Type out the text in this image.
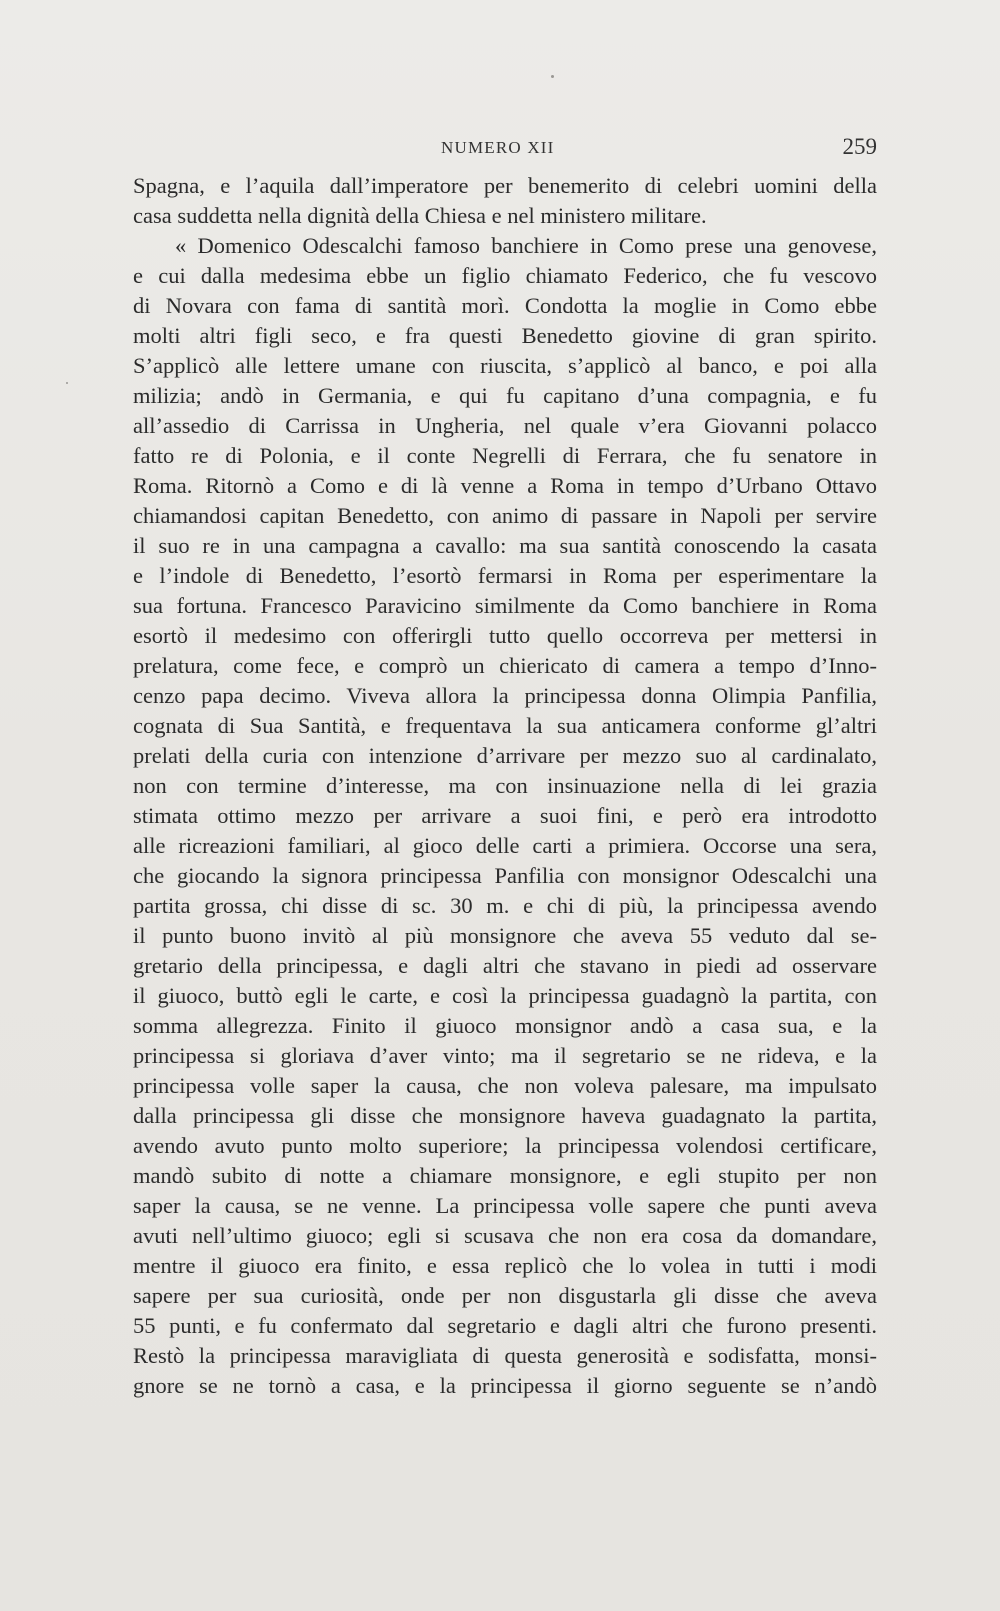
NUMERO XII	259
Spagna, e l’aquila dall’imperatore per benemerito di celebri uomini della
casa suddetta nella dignità della Chiesa e nel ministero militare.
« Domenico Odescalchi famoso banchiere in Como prese una genovese,
e cui dalla medesima ebbe un figlio chiamato Federico, che fu vescovo
di Novara con fama di santità morì. Condotta la moglie in Como ebbe
molti altri figli seco, e fra questi Benedetto giovine di gran spirito.
S’applicò alle lettere umane con riuscita, s’applicò al banco, e poi alla
milizia; andò in Germania, e qui fu capitano d’una compagnia, e fu
all’assedio di Carrissa in Ungheria, nel quale v’era Giovanni polacco
fatto re di Polonia, e il conte Negrelli di Ferrara, che fu senatore in
Roma. Ritornò a Como e di là venne a Roma in tempo d’Urbano Ottavo
chiamandosi capitan Benedetto, con animo di passare in Napoli per servire
il suo re in una campagna a cavallo: ma sua santità conoscendo la casata
e l’indole di Benedetto, l’esortò fermarsi in Roma per esperimentare la
sua fortuna. Francesco Paravicino similmente da Como banchiere in Roma
esortò il medesimo con offerirgli tutto quello occorreva per mettersi in
prelatura, come fece, e comprò un chiericato di camera a tempo d’Inno-
cenzo papa decimo. Viveva allora la principessa donna Olimpia Panfilia,
cognata di Sua Santità, e frequentava la sua anticamera conforme gl’altri
prelati della curia con intenzione d’arrivare per mezzo suo al cardinalato,
non con termine d’interesse, ma con insinuazione nella di lei grazia
stimata ottimo mezzo per arrivare a suoi fini, e però era introdotto
alle ricreazioni familiari, al gioco delle carti a primiera. Occorse una sera,
che giocando la signora principessa Panfilia con monsignor Odescalchi una
partita grossa, chi disse di sc. 30 m. e chi di più, la principessa avendo
il punto buono invitò al più monsignore che aveva 55 veduto dal se-
gretario della principessa, e dagli altri che stavano in piedi ad osservare
il giuoco, buttò egli le carte, e così la principessa guadagnò la partita, con
somma allegrezza. Finito il giuoco monsignor andò a casa sua, e la
principessa si gloriava d’aver vinto; ma il segretario se ne rideva, e la
principessa volle saper la causa, che non voleva palesare, ma impulsato
dalla principessa gli disse che monsignore haveva guadagnato la partita,
avendo avuto punto molto superiore; la principessa volendosi certificare,
mandò subito di notte a chiamare monsignore, e egli stupito per non
saper la causa, se ne venne. La principessa volle sapere che punti aveva
avuti nell’ultimo giuoco; egli si scusava che non era cosa da domandare,
mentre il giuoco era finito, e essa replicò che lo volea in tutti i modi
sapere per sua curiosità, onde per non disgustarla gli disse che aveva
55 punti, e fu confermato dal segretario e dagli altri che furono presenti.
Restò la principessa maravigliata di questa generosità e sodisfatta, monsi-
gnore se ne tornò a casa, e la principessa il giorno seguente se n’andò
